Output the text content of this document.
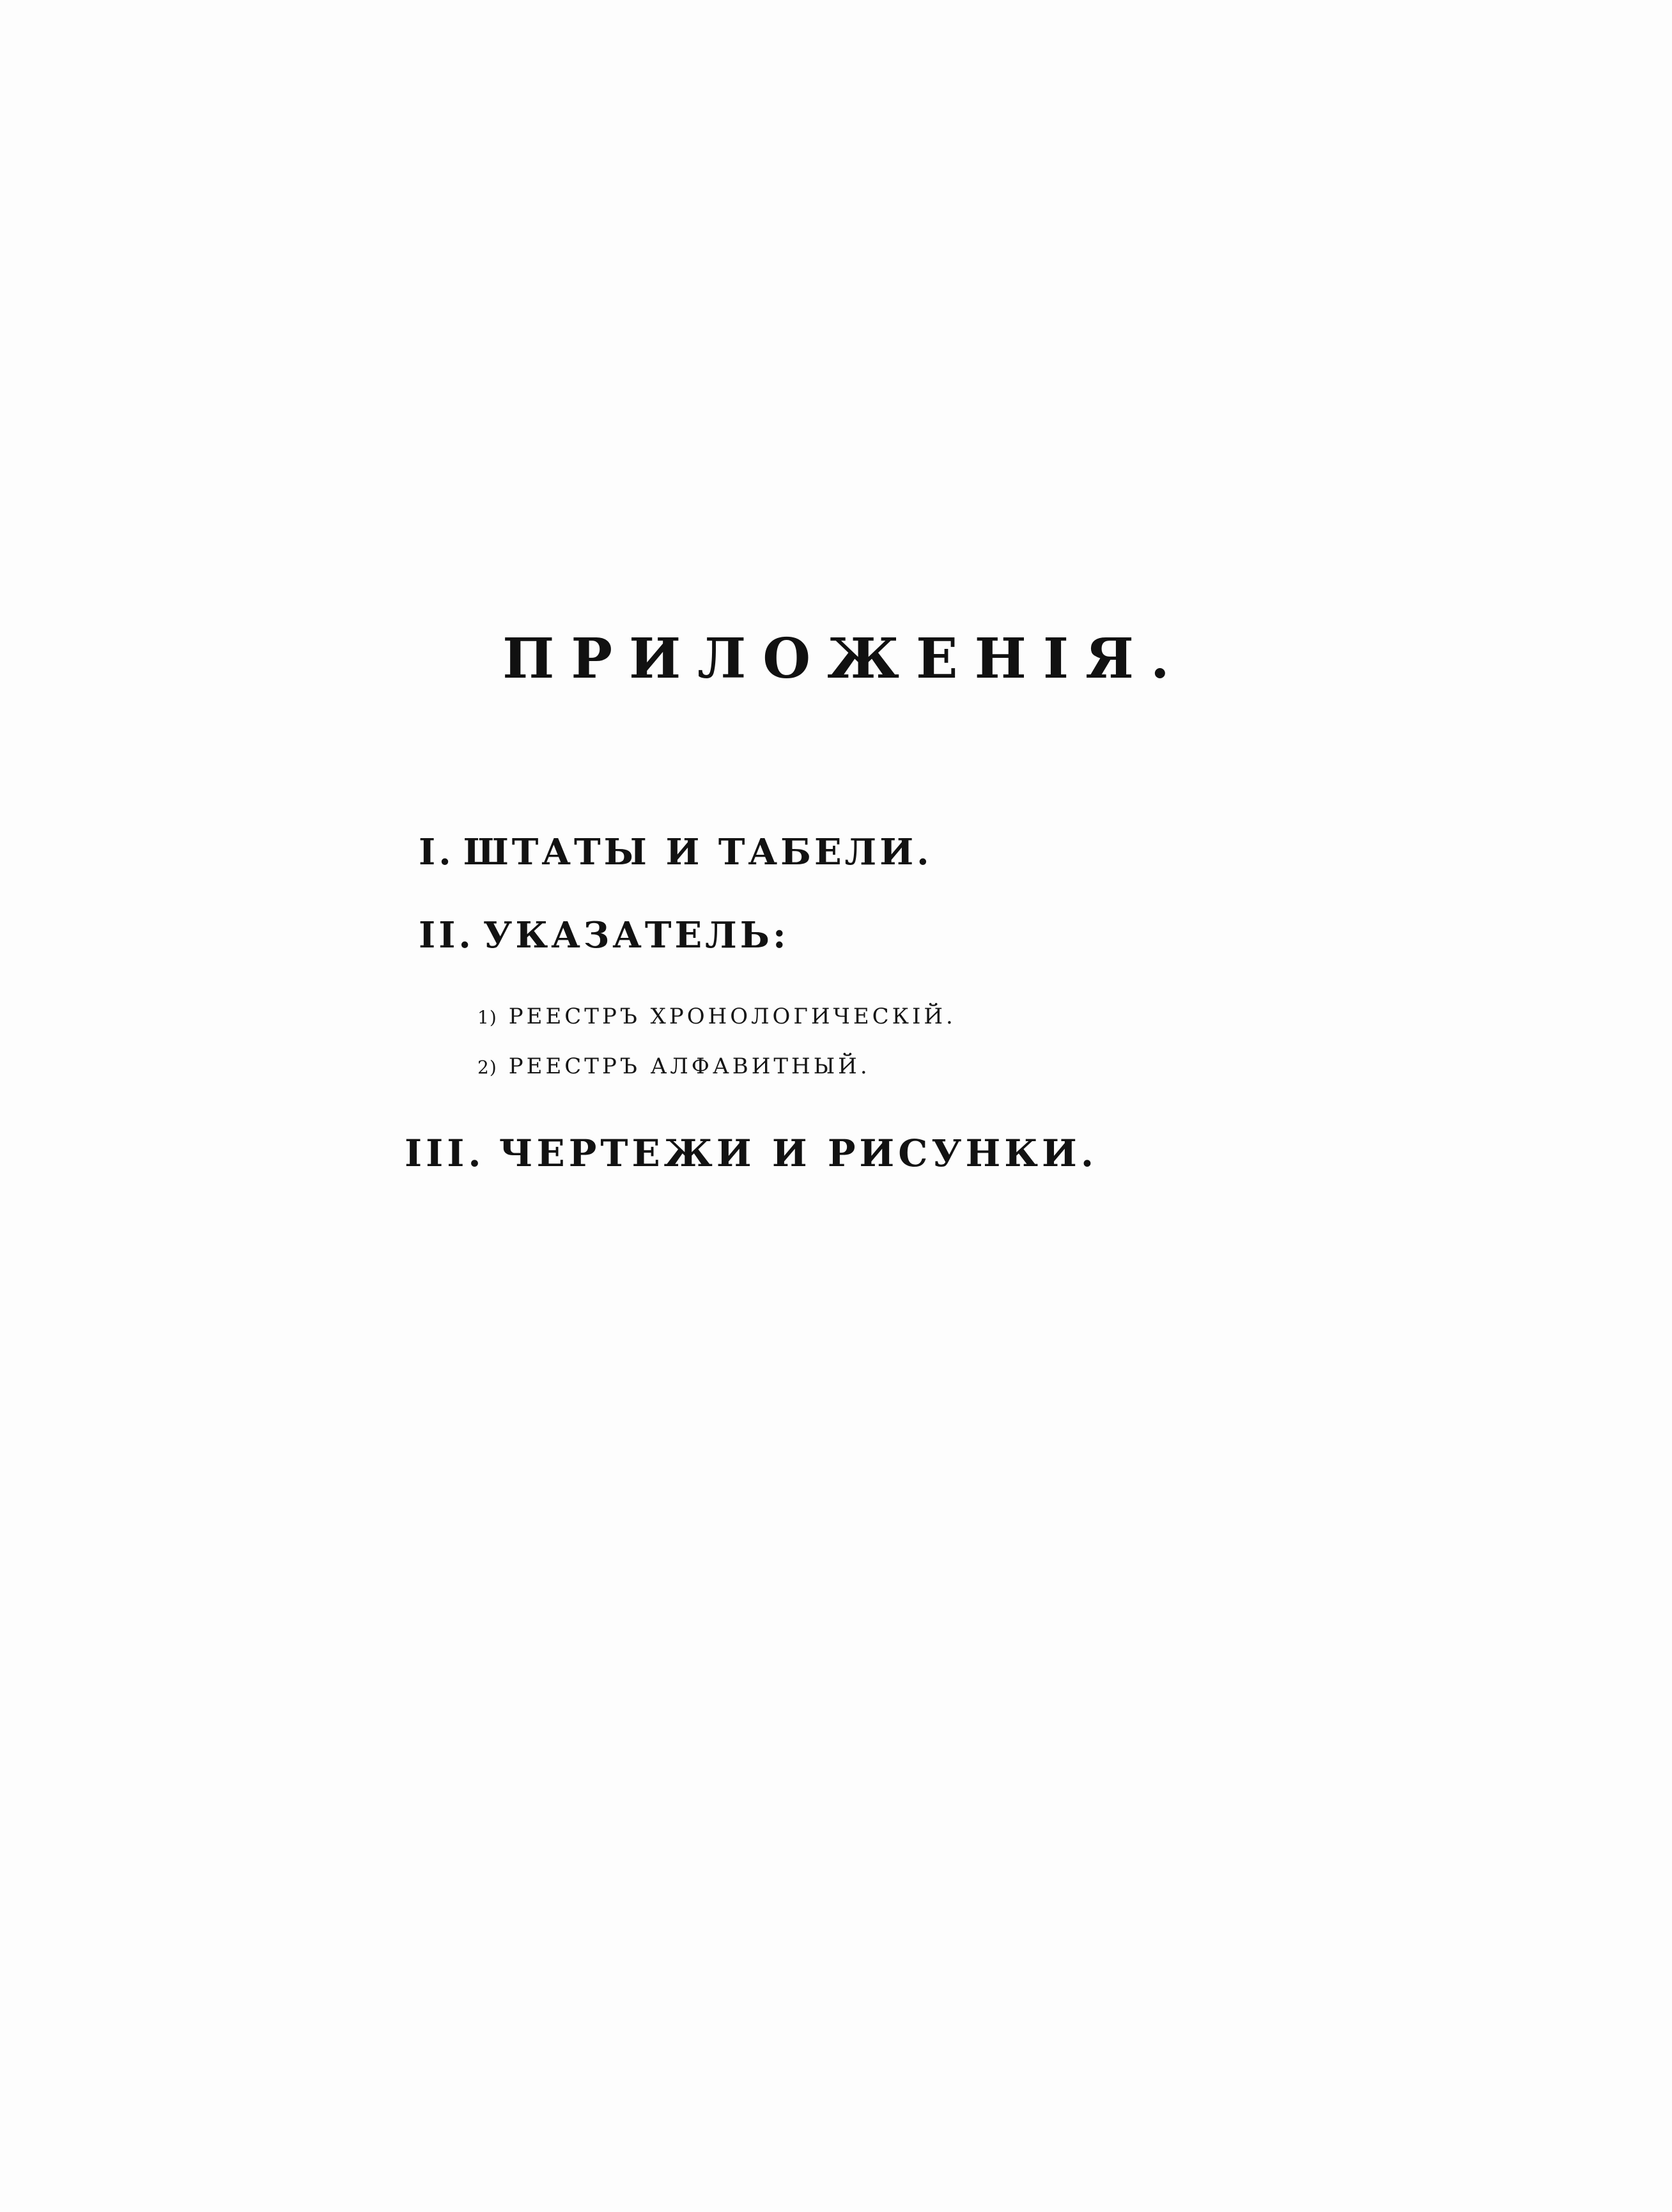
ПРИЛОЖЕНІЯ.

I. ШТАТЫ И ТАБЕЛИ.

II. УКАЗАТЕЛЬ:

1) РЕЕСТРЪ ХРОНОЛОГИЧЕСКІЙ.
2) РЕЕСТРЪ АЛФАВИТНЫЙ.

III. ЧЕРТЕЖИ И РИСУНКИ.
